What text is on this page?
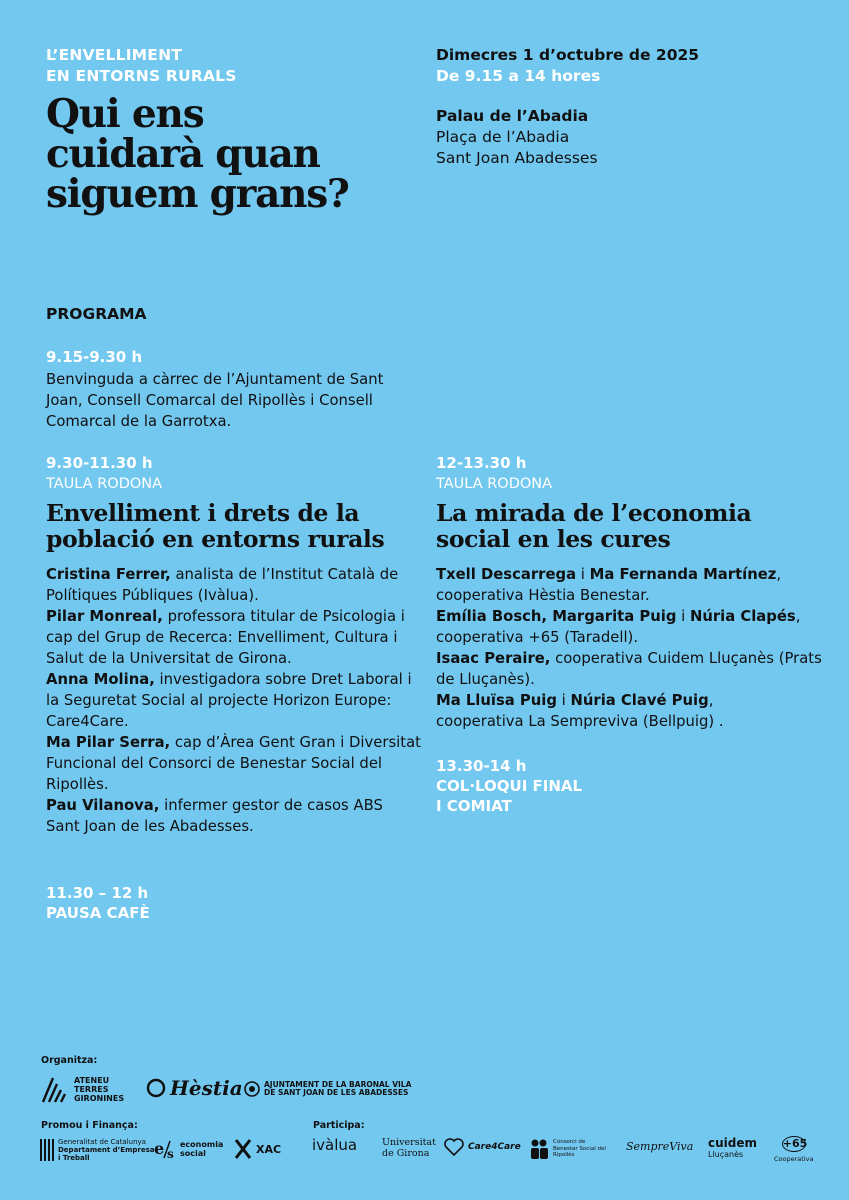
L’ENVELLIMENT
EN ENTORNS RURALS
Qui ens
cuidarà quan
siguem grans?
Dimecres 1 d’octubre de 2025
De 9.15 a 14 hores
Palau de l’Abadia
Plaça de l’Abadia
Sant Joan Abadesses
PROGRAMA
9.15-9.30 h
Benvinguda a càrrec de l’Ajuntament de Sant Joan, Consell Comarcal del Ripollès i Consell Comarcal de la Garrotxa.
9.30-11.30 h
TAULA RODONA
Envelliment i drets de la
població en entorns rurals
Cristina Ferrer, analista de l’Institut Català de Polítiques Públiques (Ivàlua).
Pilar Monreal, professora titular de Psicologia i cap del Grup de Recerca: Envelliment, Cultura i Salut de la Universitat de Girona.
Anna Molina, investigadora sobre Dret Laboral i la Seguretat Social al projecte Horizon Europe: Care4Care.
Ma Pilar Serra, cap d’Àrea Gent Gran i Diversitat Funcional del Consorci de Benestar Social del Ripollès.
Pau Vilanova, infermer gestor de casos ABS Sant Joan de les Abadesses.
11.30 – 12 h
PAUSA CAFÈ
12-13.30 h
TAULA RODONA
La mirada de l’economia
social en les cures
Txell Descarrega i Ma Fernanda Martínez,
cooperativa Hèstia Benestar.
Emília Bosch, Margarita Puig i Núria Clapés,
cooperativa +65 (Taradell).
Isaac Peraire, cooperativa Cuidem Lluçanès (Prats de Lluçanès).
Ma Lluïsa Puig i Núria Clavé Puig,
cooperativa La Sempreviva (Bellpuig) .
13.30-14 h
COL·LOQUI FINAL
I COMIAT
Organitza:
ATENEU
TERRES
GIRONINES Hèstia	AJUNTAMENT DE LA BARONAL VILA
DE SANT JOAN DE LES ABADESSES
Promou i Finança:	Participa:
Generalitat de Catalunya
Departament d’Empresa
i Treball	e s
economia
social	XAC ivàlua	Universitat
de Girona
Care4Care	Consorci de Benestar Social del Ripollès
SempreViva cuidem
Lluçanès
+65
Cooperativa
